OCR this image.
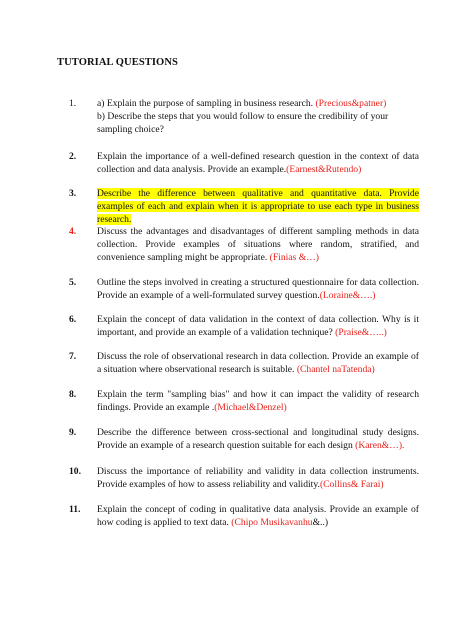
TUTORIAL QUESTIONS
1.	a) Explain the purpose of sampling in business research. (Precious&patner)
b) Describe the steps that you would follow to ensure the credibility of your sampling choice?
2.	Explain the importance of a well-defined research question in the context of data collection and data analysis. Provide an example.(Earnest&Rutendo)
3.	Describe the difference between qualitative and quantitative data. Provide examples of each and explain when it is appropriate to use each type in business research.
4.	Discuss the advantages and disadvantages of different sampling methods in data collection. Provide examples of situations where random, stratified, and convenience sampling might be appropriate. (Finias &…)
5.	Outline the steps involved in creating a structured questionnaire for data collection. Provide an example of a well-formulated survey question.(Loraine&….)
6.	Explain the concept of data validation in the context of data collection. Why is it important, and provide an example of a validation technique? (Praise&…..)
7.	Discuss the role of observational research in data collection. Provide an example of a situation where observational research is suitable. (Chantel naTatenda)
8.	Explain the term "sampling bias" and how it can impact the validity of research findings. Provide an example .(Michael&Denzel)
9.	Describe the difference between cross-sectional and longitudinal study designs. Provide an example of a research question suitable for each design (Karen&…).
10.	Discuss the importance of reliability and validity in data collection instruments. Provide examples of how to assess reliability and validity.(Collins& Farai)
11.	Explain the concept of coding in qualitative data analysis. Provide an example of how coding is applied to text data. (Chipo Musikavanhu&..)
